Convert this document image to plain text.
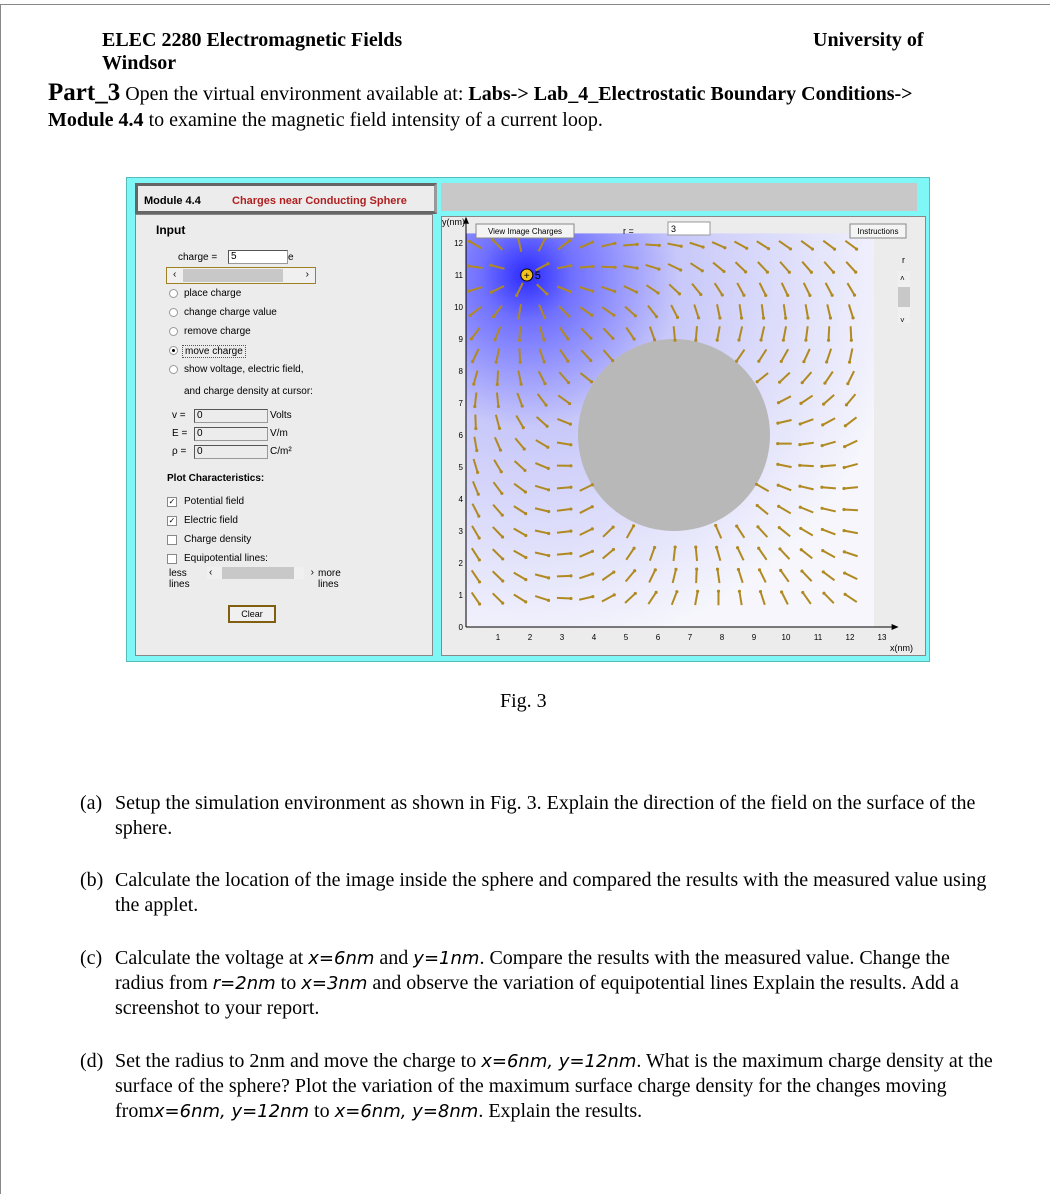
ELEC 2280 Electromagnetic Fields	University of
Windsor
Part_3 Open the virtual environment available at: Labs-> Lab_4_Electrostatic Boundary Conditions-> Module 4.4 to examine the magnetic field intensity of a current loop.
Module 4.4	Charges near Conducting Sphere
Input
charge =	5	e
‹	›
place charge
change charge value
remove charge
move charge
show voltage, electric field,
and charge density at cursor:
v =	0	Volts
E = 0	V/m
ρ =	0	C/m²
Plot Characteristics:
✓ Potential field
✓ Electric field
Charge density
Equipotential lines:
less lines
‹	› more lines
Clear
1	2	3	4	5	6	7	8	9	10	11	12	13
0
1
2
3
4
5
6
7
8
9
10
11
12
x(nm)
y(nm)
+ 5
View Image Charges	r =	3	Instructions
r
˄
˅
Fig. 3
(a) Setup the simulation environment as shown in Fig. 3. Explain the direction of the field on the surface of the sphere.
(b) Calculate the location of the image inside the sphere and compared the results with the measured value using the applet.
(c) Calculate the voltage at x=6nm and y=1nm. Compare the results with the measured value. Change the radius from r=2nm to x=3nm and observe the variation of equipotential lines Explain the results. Add a screenshot to your report.
(d) Set the radius to 2nm and move the charge to x=6nm, y=12nm. What is the maximum charge density at the surface of the sphere? Plot the variation of the maximum surface charge density for the changes moving fromx=6nm, y=12nm to x=6nm, y=8nm. Explain the results.
